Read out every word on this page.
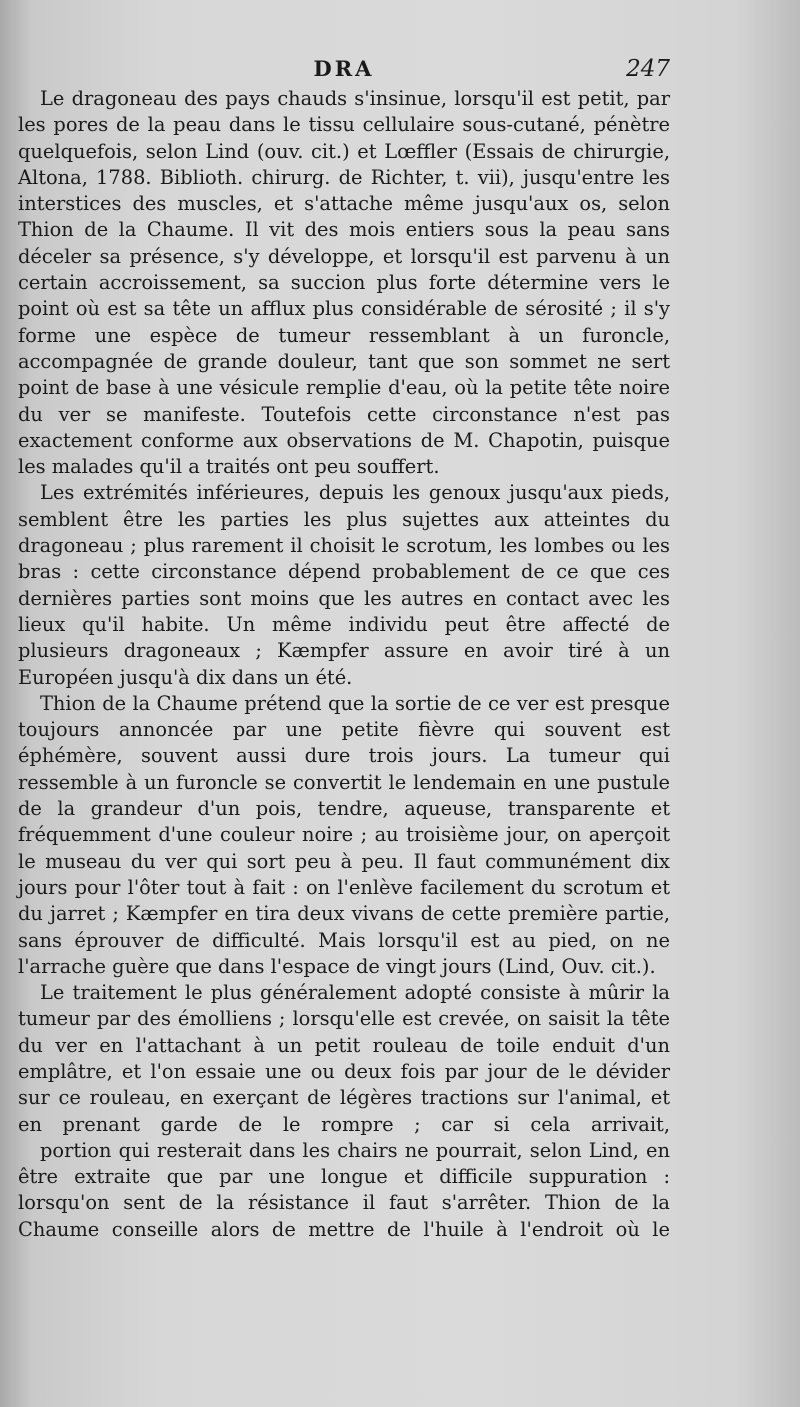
DRA	247

Le dragoneau des pays chauds s'insinue, lorsqu'il est petit, par les pores de la peau dans le tissu cellulaire sous-cutané, pénètre quelquefois, selon Lind (ouv. cit.) et Lœffler (Essais de chirurgie, Altona, 1788. Biblioth. chirurg. de Richter, t. vii), jusqu'entre les interstices des muscles, et s'attache même jusqu'aux os, selon Thion de la Chaume. Il vit des mois entiers sous la peau sans déceler sa présence, s'y développe, et lorsqu'il est parvenu à un certain accroissement, sa succion plus forte détermine vers le point où est sa tête un afflux plus considérable de sérosité ; il s'y forme une espèce de tumeur ressemblant à un furoncle, accompagnée de grande douleur, tant que son sommet ne sert point de base à une vésicule remplie d'eau, où la petite tête noire du ver se manifeste. Toutefois cette circonstance n'est pas exactement conforme aux observations de M. Chapotin, puisque les malades qu'il a traités ont peu souffert.

Les extrémités inférieures, depuis les genoux jusqu'aux pieds, semblent être les parties les plus sujettes aux atteintes du dragoneau ; plus rarement il choisit le scrotum, les lombes ou les bras : cette circonstance dépend probablement de ce que ces dernières parties sont moins que les autres en contact avec les lieux qu'il habite. Un même individu peut être affecté de plusieurs dragoneaux ; Kæmpfer assure en avoir tiré à un Européen jusqu'à dix dans un été.

Thion de la Chaume prétend que la sortie de ce ver est presque toujours annoncée par une petite fièvre qui souvent est éphémère, souvent aussi dure trois jours. La tumeur qui ressemble à un furoncle se convertit le lendemain en une pustule de la grandeur d'un pois, tendre, aqueuse, transparente et fréquemment d'une couleur noire ; au troisième jour, on aperçoit le museau du ver qui sort peu à peu. Il faut communément dix jours pour l'ôter tout à fait : on l'enlève facilement du scrotum et du jarret ; Kæmpfer en tira deux vivans de cette première partie, sans éprouver de difficulté. Mais lorsqu'il est au pied, on ne l'arrache guère que dans l'espace de vingt jours (Lind, Ouv. cit.).

Le traitement le plus généralement adopté consiste à mûrir la tumeur par des émolliens ; lorsqu'elle est crevée, on saisit la tête du ver en l'attachant à un petit rouleau de toile enduit d'un emplâtre, et l'on essaie une ou deux fois par jour de le dévider sur ce rouleau, en exerçant de légères tractions sur l'animal, et en prenant garde de le rompre ; car si cela arrivait,

portion qui resterait dans les chairs ne pourrait, selon Lind, en être extraite que par une longue et difficile suppuration : lorsqu'on sent de la résistance il faut s'arrêter. Thion de la Chaume conseille alors de mettre de l'huile à l'endroit où le
